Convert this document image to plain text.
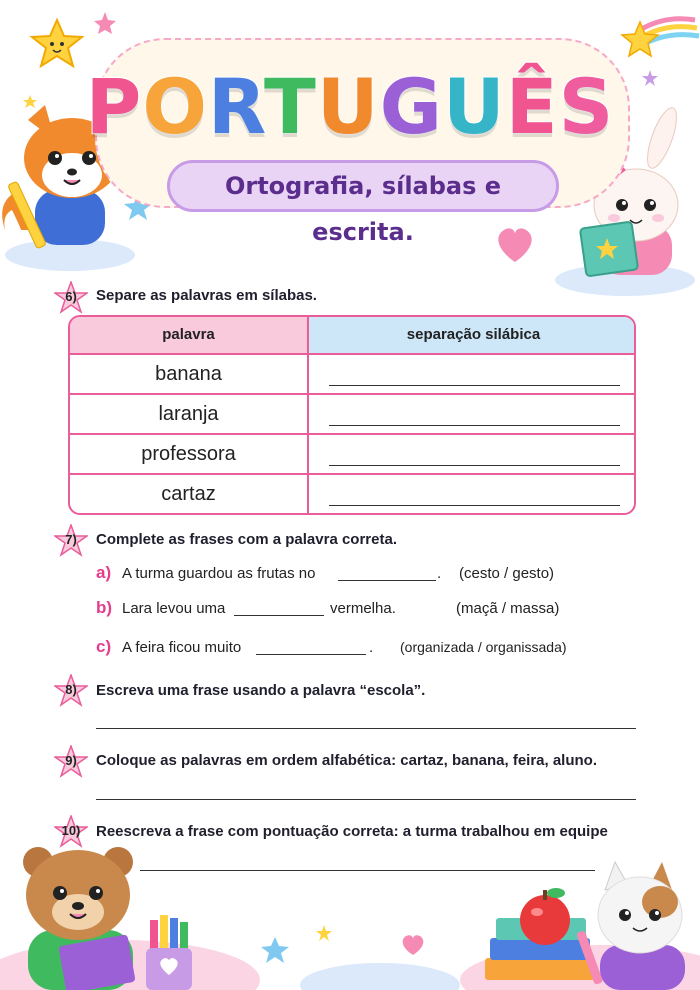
PORTUGUÊS
Ortografia, sílabas e escrita.
6)	Separe as palavras em sílabas.
palavra	separação silábica
banana
laranja
professora
cartaz
7)	Complete as frases com a palavra correta.
a) A turma guardou as frutas no	. (cesto / gesto)
b) Lara levou uma	vermelha.	(maçã / massa)
c) A feira ficou muito	. (organizada / organissada)
8)	Escreva uma frase usando a palavra “escola”.
9)	Coloque as palavras em ordem alfabética: cartaz, banana, feira, aluno.
10)	Reescreva a frase com pontuação correta: a turma trabalhou em equipe
